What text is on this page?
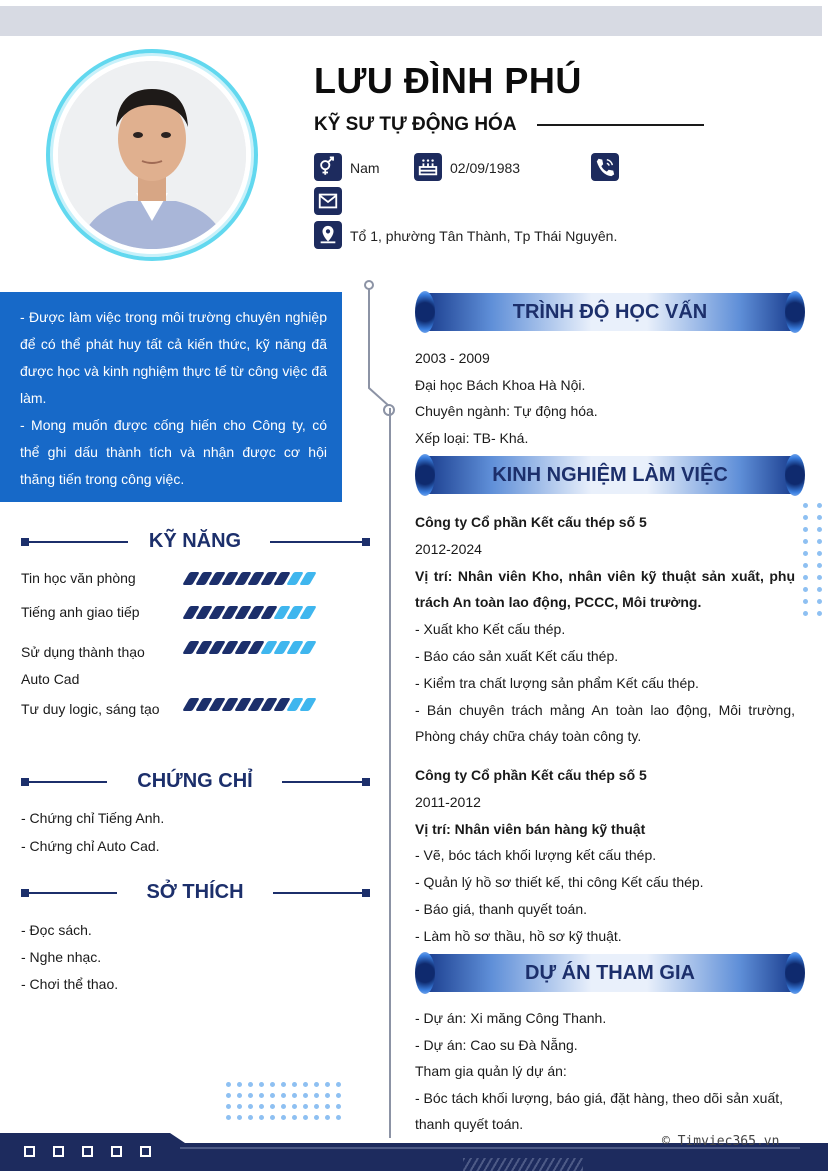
LƯU ĐÌNH PHÚ
KỸ SƯ TỰ ĐỘNG HÓA
Nam	02/09/1983
Tổ 1, phường Tân Thành, Tp Thái Nguyên.

- Được làm việc trong môi trường chuyên nghiệp để có thể phát huy tất cả kiến thức, kỹ năng đã được học và kinh nghiệm thực tế từ công việc đã làm.

- Mong muốn được cống hiến cho Công ty, có thể ghi dấu thành tích và nhận được cơ hội thăng tiến trong công việc.

KỸ NĂNG
Tin học văn phòng
Tiếng anh giao tiếp
Sử dụng thành thạo Auto Cad
Tư duy logic, sáng tạo
CHỨNG CHỈ
- Chứng chỉ Tiếng Anh.
- Chứng chỉ Auto Cad.
SỞ THÍCH
- Đọc sách.
- Nghe nhạc.
- Chơi thể thao.
TRÌNH ĐỘ HỌC VẤN
2003 - 2009
Đại học Bách Khoa Hà Nội.
Chuyên ngành: Tự động hóa.
Xếp loại: TB- Khá.
KINH NGHIỆM LÀM VIỆC
Công ty Cổ phần Kết cấu thép số 5
2012-2024
Vị trí: Nhân viên Kho, nhân viên kỹ thuật sản xuất, phụ trách An toàn lao động, PCCC, Môi trường.
- Xuất kho Kết cấu thép.
- Báo cáo sản xuất Kết cấu thép.
- Kiểm tra chất lượng sản phẩm Kết cấu thép.
- Bán chuyên trách mảng An toàn lao động, Môi trường, Phòng cháy chữa cháy toàn công ty.
Công ty Cổ phần Kết cấu thép số 5
2011-2012
Vị trí: Nhân viên bán hàng kỹ thuật
- Vẽ, bóc tách khối lượng kết cấu thép.
- Quản lý hồ sơ thiết kế, thi công Kết cấu thép.
- Báo giá, thanh quyết toán.
- Làm hồ sơ thầu, hồ sơ kỹ thuật.
DỰ ÁN THAM GIA
- Dự án: Xi măng Công Thanh.
- Dự án: Cao su Đà Nẵng.
Tham gia quản lý dự án:
- Bóc tách khối lượng, báo giá, đặt hàng, theo dõi sản xuất, thanh quyết toán.
© Timviec365.vn
